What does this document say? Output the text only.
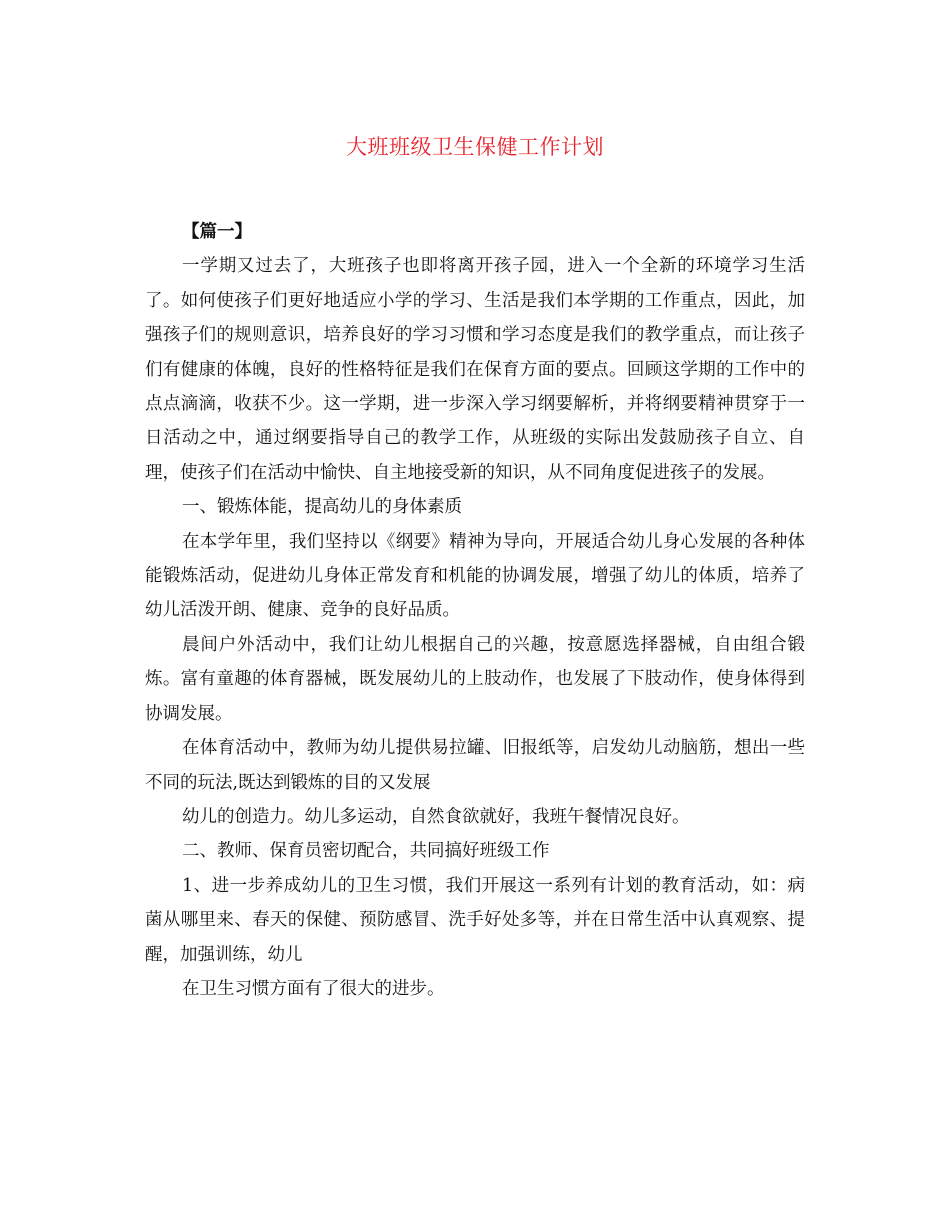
大班班级卫生保健工作计划

【篇一】

一学期又过去了，大班孩子也即将离开孩子园，进入一个全新的环境学习生活了。如何使孩子们更好地适应小学的学习、生活是我们本学期的工作重点，因此，加强孩子们的规则意识，培养良好的学习习惯和学习态度是我们的教学重点，而让孩子们有健康的体魄，良好的性格特征是我们在保育方面的要点。回顾这学期的工作中的点点滴滴，收获不少。这一学期，进一步深入学习纲要解析，并将纲要精神贯穿于一日活动之中，通过纲要指导自己的教学工作，从班级的实际出发鼓励孩子自立、自理，使孩子们在活动中愉快、自主地接受新的知识，从不同角度促进孩子的发展。

一、锻炼体能，提高幼儿的身体素质

在本学年里，我们坚持以《纲要》精神为导向，开展适合幼儿身心发展的各种体能锻炼活动，促进幼儿身体正常发育和机能的协调发展，增强了幼儿的体质，培养了幼儿活泼开朗、健康、竞争的良好品质。

晨间户外活动中，我们让幼儿根据自己的兴趣，按意愿选择器械，自由组合锻炼。富有童趣的体育器械，既发展幼儿的上肢动作，也发展了下肢动作，使身体得到协调发展。

在体育活动中，教师为幼儿提供易拉罐、旧报纸等，启发幼儿动脑筋，想出一些不同的玩法,既达到锻炼的目的又发展

幼儿的创造力。幼儿多运动，自然食欲就好，我班午餐情况良好。

二、教师、保育员密切配合，共同搞好班级工作

1、进一步养成幼儿的卫生习惯，我们开展这一系列有计划的教育活动，如：病菌从哪里来、春天的保健、预防感冒、洗手好处多等，并在日常生活中认真观察、提醒，加强训练，幼儿

在卫生习惯方面有了很大的进步。
